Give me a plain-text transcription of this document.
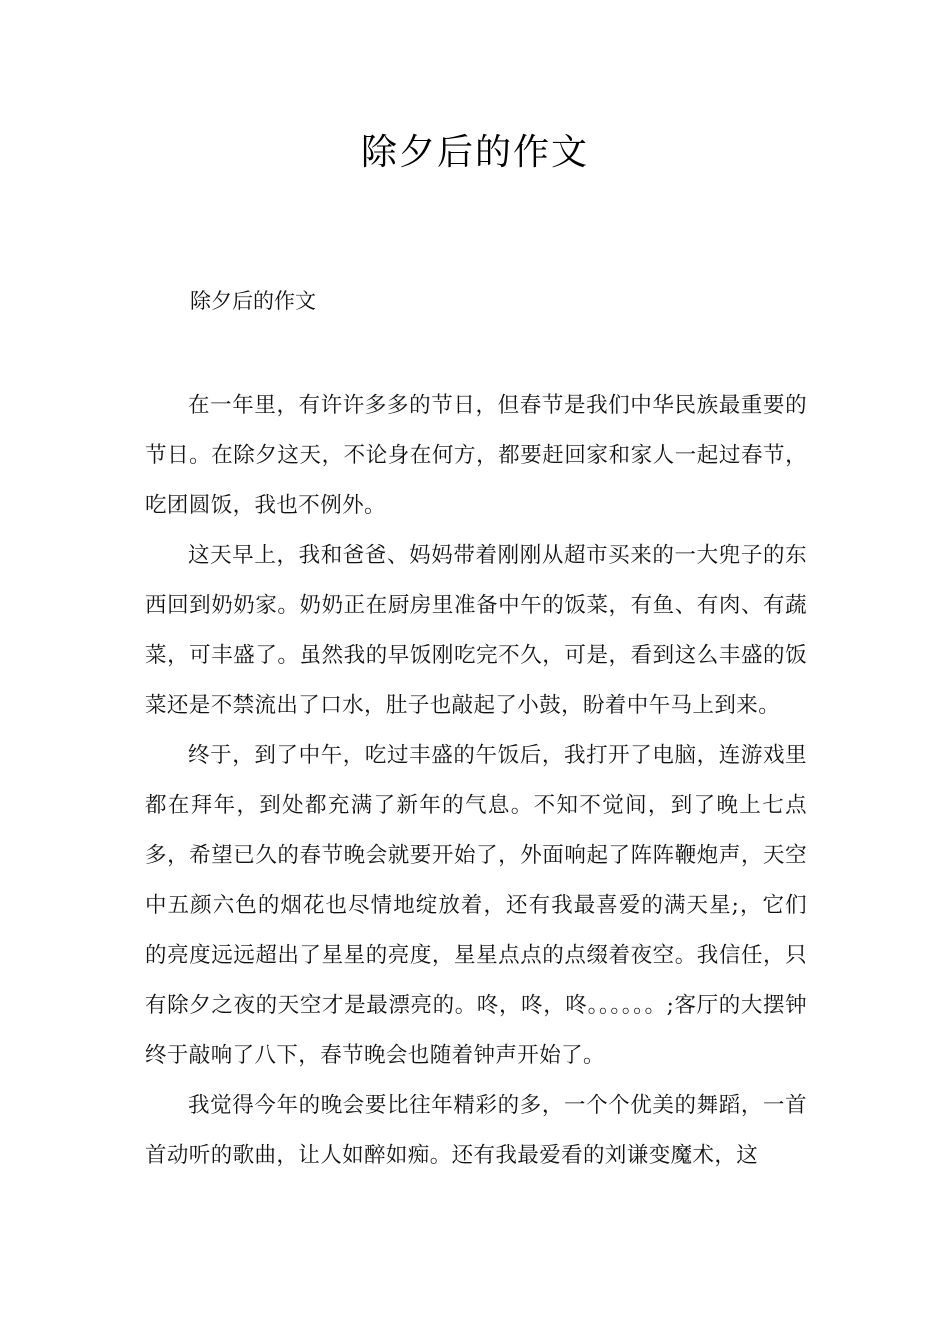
除夕后的作文
除夕后的作文

在一年里，有许许多多的节日，但春节是我们中华民族最重要的节日。在除夕这天，不论身在何方，都要赶回家和家人一起过春节，吃团圆饭，我也不例外。

这天早上，我和爸爸、妈妈带着刚刚从超市买来的一大兜子的东西回到奶奶家。奶奶正在厨房里准备中午的饭菜，有鱼、有肉、有蔬菜，可丰盛了。虽然我的早饭刚吃完不久，可是，看到这么丰盛的饭菜还是不禁流出了口水，肚子也敲起了小鼓，盼着中午马上到来。

终于，到了中午，吃过丰盛的午饭后，我打开了电脑，连游戏里都在拜年，到处都充满了新年的气息。不知不觉间，到了晚上七点多，希望已久的春节晚会就要开始了，外面响起了阵阵鞭炮声，天空中五颜六色的烟花也尽情地绽放着，还有我最喜爱的满天星;，它们的亮度远远超出了星星的亮度，星星点点的点缀着夜空。我信任，只有除夕之夜的天空才是最漂亮的。咚，咚，咚。。。。。。;客厅的大摆钟终于敲响了八下，春节晚会也随着钟声开始了。

我觉得今年的晚会要比往年精彩的多，一个个优美的舞蹈，一首首动听的歌曲，让人如醉如痴。还有我最爱看的刘谦变魔术，这
